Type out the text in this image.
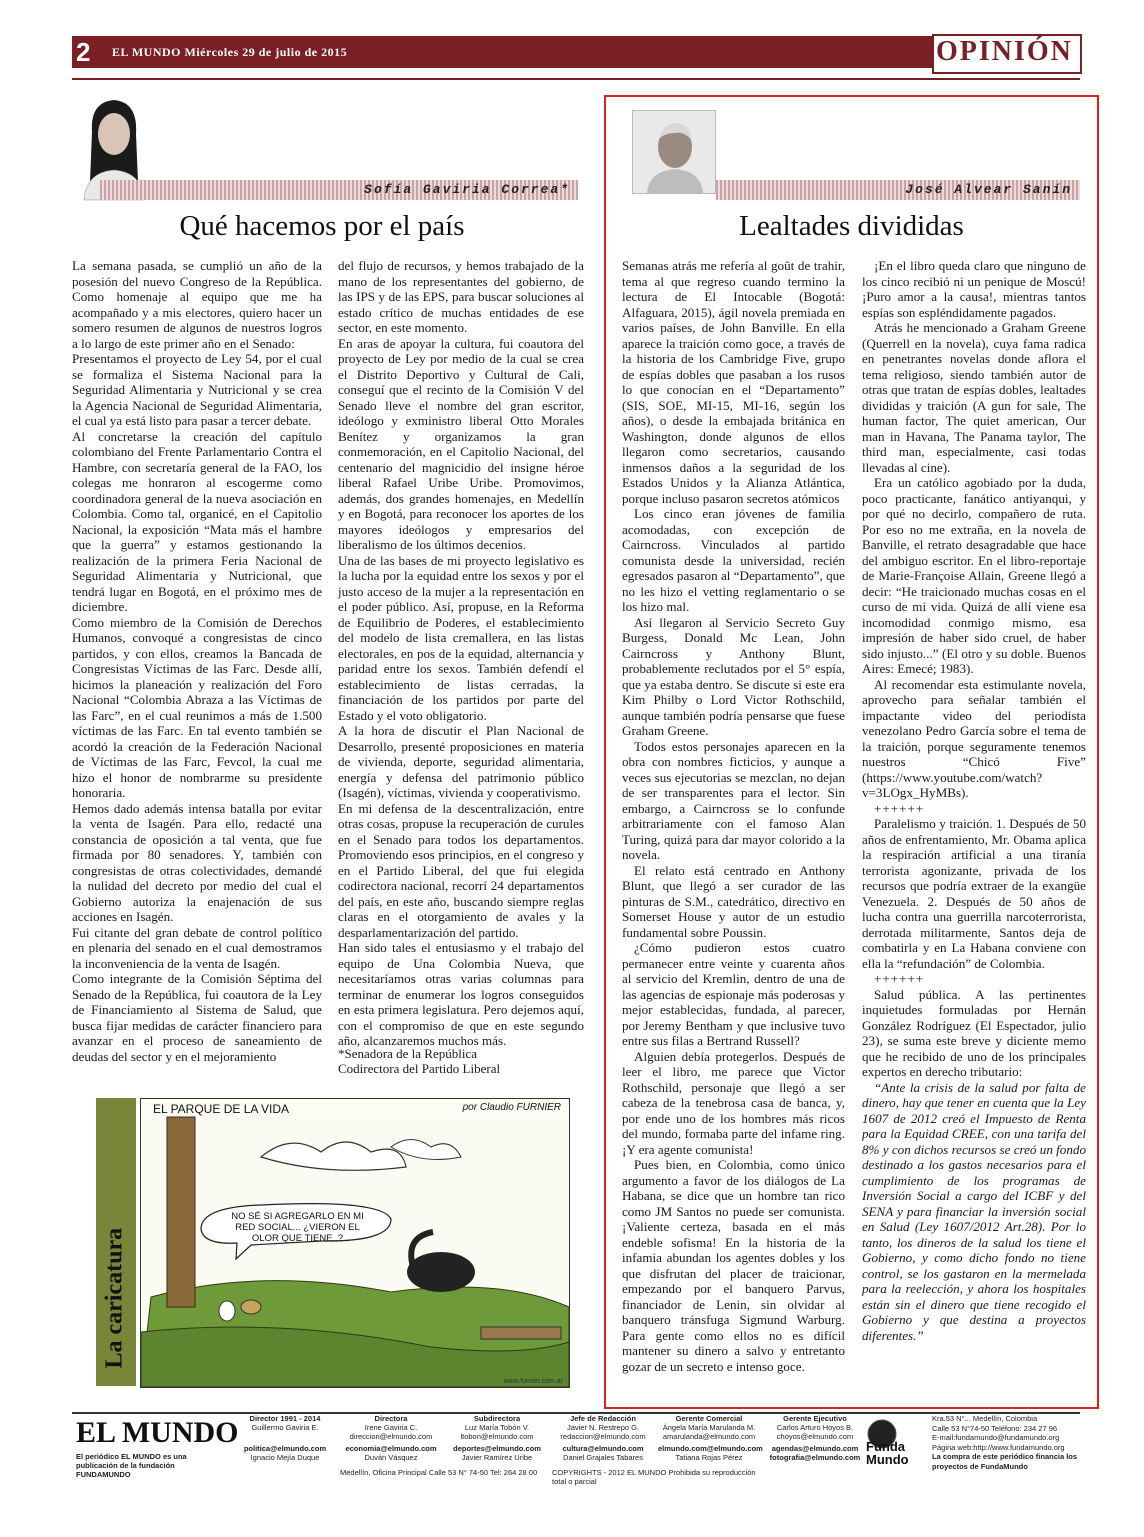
2 EL MUNDO Miércoles 29 de julio de 2015	OPINIÓN
Sofía Gaviria Correa*
Qué hacemos por el país

La semana pasada, se cumplió un año de la posesión del nuevo Congreso de la República. Como homenaje al equipo que me ha acompañado y a mis electores, quiero hacer un somero resumen de algunos de nuestros logros a lo largo de este primer año en el Senado:

Presentamos el proyecto de Ley 54, por el cual se formaliza el Sistema Nacional para la Seguridad Alimentaria y Nutricional y se crea la Agencia Nacional de Seguridad Alimentaria, el cual ya está listo para pasar a tercer debate.

Al concretarse la creación del capítulo colombiano del Frente Parlamentario Contra el Hambre, con secretaría general de la FAO, los colegas me honraron al escogerme como coordinadora general de la nueva asociación en Colombia. Como tal, organicé, en el Capitolio Nacional, la exposición “Mata más el hambre que la guerra” y estamos gestionando la realización de la primera Feria Nacional de Seguridad Alimentaria y Nutricional, que tendrá lugar en Bogotá, en el próximo mes de diciembre.

Como miembro de la Comisión de Derechos Humanos, convoqué a congresistas de cinco partidos, y con ellos, creamos la Bancada de Congresistas Víctimas de las Farc. Desde allí, hicimos la planeación y realización del Foro Nacional “Colombia Abraza a las Víctimas de las Farc”, en el cual reunimos a más de 1.500 víctimas de las Farc. En tal evento también se acordó la creación de la Federación Nacional de Víctimas de las Farc, Fevcol, la cual me hizo el honor de nombrarme su presidente honoraria.

Hemos dado además intensa batalla por evitar la venta de Isagén. Para ello, redacté una constancia de oposición a tal venta, que fue firmada por 80 senadores. Y, también con congresistas de otras colectividades, demandé la nulidad del decreto por medio del cual el Gobierno autoriza la enajenación de sus acciones en Isagén.

Fui citante del gran debate de control político en plenaria del senado en el cual demostramos la inconveniencia de la venta de Isagén.

Como integrante de la Comisión Séptima del Senado de la República, fui coautora de la Ley de Financiamiento al Sistema de Salud, que busca fijar medidas de carácter financiero para avanzar en el proceso de saneamiento de deudas del sector y en el mejoramiento

del flujo de recursos, y hemos trabajado de la mano de los representantes del gobierno, de las IPS y de las EPS, para buscar soluciones al estado crítico de muchas entidades de ese sector, en este momento.

En aras de apoyar la cultura, fui coautora del proyecto de Ley por medio de la cual se crea el Distrito Deportivo y Cultural de Cali, conseguí que el recinto de la Comisión V del Senado lleve el nombre del gran escritor, ideólogo y exministro liberal Otto Morales Benítez y organizamos la gran conmemoración, en el Capitolio Nacional, del centenario del magnicidio del insigne héroe liberal Rafael Uribe Uribe. Promovimos, además, dos grandes homenajes, en Medellín y en Bogotá, para reconocer los aportes de los mayores ideólogos y empresarios del liberalismo de los últimos decenios.

Una de las bases de mi proyecto legislativo es la lucha por la equidad entre los sexos y por el justo acceso de la mujer a la representación en el poder público. Así, propuse, en la Reforma de Equilibrio de Poderes, el establecimiento del modelo de lista cremallera, en las listas electorales, en pos de la equidad, alternancia y paridad entre los sexos. También defendí el establecimiento de listas cerradas, la financiación de los partidos por parte del Estado y el voto obligatorio.

A la hora de discutir el Plan Nacional de Desarrollo, presenté proposiciones en materia de vivienda, deporte, seguridad alimentaria, energía y defensa del patrimonio público (Isagén), víctimas, vivienda y cooperativismo.

En mi defensa de la descentralización, entre otras cosas, propuse la recuperación de curules en el Senado para todos los departamentos. Promoviendo esos principios, en el congreso y en el Partido Liberal, del que fui elegida codirectora nacional, recorrí 24 departamentos del país, en este año, buscando siempre reglas claras en el otorgamiento de avales y la desparlamentarización del partido.

Han sido tales el entusiasmo y el trabajo del equipo de Una Colombia Nueva, que necesitaríamos otras varias columnas para terminar de enumerar los logros conseguidos en esta primera legislatura. Pero dejemos aquí, con el compromiso de que en este segundo año, alcanzaremos muchos más.

*Senadora de la República
Codirectora del Partido Liberal
La caricatura
EL PARQUE DE LA VIDA	por Claudio FURNIER
NO SÉ SI AGREGARLO EN MI
RED SOCIAL... ¿VIERON EL
OLOR QUE TIENE..?
www.furnier.com.ar
José Alvear Sanín
Lealtades divididas

Semanas atrás me refería al goût de trahir, tema al que regreso cuando termino la lectura de El Intocable (Bogotá: Alfaguara, 2015), ágil novela premiada en varios países, de John Banville. En ella aparece la traición como goce, a través de la historia de los Cambridge Five, grupo de espías dobles que pasaban a los rusos lo que conocían en el “Departamento” (SIS, SOE, MI-15, MI-16, según los años), o desde la embajada británica en Washington, donde algunos de ellos llegaron como secretarios, causando inmensos daños a la seguridad de los Estados Unidos y la Alianza Atlántica, porque incluso pasaron secretos atómicos

Los cinco eran jóvenes de familia acomodadas, con excepción de Cairncross. Vinculados al partido comunista desde la universidad, recién egresados pasaron al “Departamento”, que no les hizo el vetting reglamentario o se los hizo mal.

Así llegaron al Servicio Secreto Guy Burgess, Donald Mc Lean, John Cairncross y Anthony Blunt, probablemente reclutados por el 5° espía, que ya estaba dentro. Se discute si este era Kim Philby o Lord Victor Rothschild, aunque también podría pensarse que fuese Graham Greene.

Todos estos personajes aparecen en la obra con nombres ficticios, y aunque a veces sus ejecutorias se mezclan, no dejan de ser transparentes para el lector. Sin embargo, a Cairncross se lo confunde arbitrariamente con el famoso Alan Turing, quizá para dar mayor colorido a la novela.

El relato está centrado en Anthony Blunt, que llegó a ser curador de las pinturas de S.M., catedrático, directivo en Somerset House y autor de un estudio fundamental sobre Poussin.

¿Cómo pudieron estos cuatro permanecer entre veinte y cuarenta años al servicio del Kremlin, dentro de una de las agencias de espionaje más poderosas y mejor establecidas, fundada, al parecer, por Jeremy Bentham y que inclusive tuvo entre sus filas a Bertrand Russell?

Alguien debía protegerlos. Después de leer el libro, me parece que Victor Rothschild, personaje que llegó a ser cabeza de la tenebrosa casa de banca, y, por ende uno de los hombres más ricos del mundo, formaba parte del infame ring. ¡Y era agente comunista!

Pues bien, en Colombia, como único argumento a favor de los diálogos de La Habana, se dice que un hombre tan rico como JM Santos no puede ser comunista. ¡Valiente certeza, basada en el más endeble sofisma! En la historia de la infamia abundan los agentes dobles y los que disfrutan del placer de traicionar, empezando por el banquero Parvus, financiador de Lenin, sin olvidar al banquero tránsfuga Sigmund Warburg. Para gente como ellos no es difícil mantener su dinero a salvo y entretanto gozar de un secreto e intenso goce.

¡En el libro queda claro que ninguno de los cinco recibió ni un penique de Moscú! ¡Puro amor a la causa!, mientras tantos espías son espléndidamente pagados.

Atrás he mencionado a Graham Greene (Querrell en la novela), cuya fama radica en penetrantes novelas donde aflora el tema religioso, siendo también autor de otras que tratan de espías dobles, lealtades divididas y traición (A gun for sale, The human factor, The quiet american, Our man in Havana, The Panama taylor, The third man, especialmente, casi todas llevadas al cine).

Era un católico agobiado por la duda, poco practicante, fanático antiyanqui, y por qué no decirlo, compañero de ruta. Por eso no me extraña, en la novela de Banville, el retrato desagradable que hace del ambiguo escritor. En el libro-reportaje de Marie-Françoise Allain, Greene llegó a decir: “He traicionado muchas cosas en el curso de mi vida. Quizá de allí viene esa incomodidad conmigo mismo, esa impresión de haber sido cruel, de haber sido injusto...” (El otro y su doble. Buenos Aires: Emecé; 1983).

Al recomendar esta estimulante novela, aprovecho para señalar también el impactante video del periodista venezolano Pedro García sobre el tema de la traición, porque seguramente tenemos nuestros “Chicó Five” (https://www.youtube.com/watch?v=3LOgx_HyMBs).

++++++

Paralelismo y traición. 1. Después de 50 años de enfrentamiento, Mr. Obama aplica la respiración artificial a una tiranía terrorista agonizante, privada de los recursos que podría extraer de la exangüe Venezuela. 2. Después de 50 años de lucha contra una guerrilla narcoterrorista, derrotada militarmente, Santos deja de combatirla y en La Habana conviene con ella la “refundación” de Colombia.

++++++

Salud pública. A las pertinentes inquietudes formuladas por Hernán González Rodríguez (El Espectador, julio 23), se suma este breve y diciente memo que he recibido de uno de los principales expertos en derecho tributario:

“Ante la crisis de la salud por falta de dinero, hay que tener en cuenta que la Ley 1607 de 2012 creó el Impuesto de Renta para la Equidad CREE, con una tarifa del 8% y con dichos recursos se creó un fondo destinado a los gastos necesarios para el cumplimiento de los programas de Inversión Social a cargo del ICBF y del SENA y para financiar la inversión social en Salud (Ley 1607/2012 Art.28). Por lo tanto, los dineros de la salud los tiene el Gobierno, y como dicho fondo no tiene control, se los gastaron en la mermelada para la reelección, y ahora los hospitales están sin el dinero que tiene recogido el Gobierno y que destina a proyectos diferentes.”

EL MUNDO
El periódico EL MUNDO es una publicación de la fundación FUNDAMUNDO
Director 1991 - 2014
Guillermo Gaviria E.
Directora
Irene Gaviria C.
direccion@elmundo.com
Subdirectora
Luz María Tobón V.
ltobon@elmundo.com
Jefe de Redacción
Javier N. Restrepo G.
redaccion@elmundo.com
Gerente Comercial
Ángela María Marulanda M.
amarulanda@elmundo.com
Gerente Ejecutivo
Carlos Arturo Hoyos B.
choyos@elmundo.com
politica@elmundo.com
Ignacio Mejía Duque
economia@elmundo.com
Duván Vásquez
deportes@elmundo.com
Javier Ramírez Uribe
cultura@elmundo.com
Daniel Grajales Tabares
elmundo.com@elmundo.com
Tatiana Rojas Pérez
agendas@elmundo.com
fotografia@elmundo.com
Medellín, Oficina Principal Calle 53 N° 74-50 Tel: 264 28 00	COPYRIGHTS - 2012 EL MUNDO Prohibida su reproducción total o parcial
Funda Mundo
Kra.53 N°... Medellín, Colombia
Calle 53 N°74-50 Teléfono: 234 27 96
E-mail:fundamundo@fundamundo.org
Página web:http://www.fundamundo.org
La compra de este periódico financia los proyectos de FundaMundo
